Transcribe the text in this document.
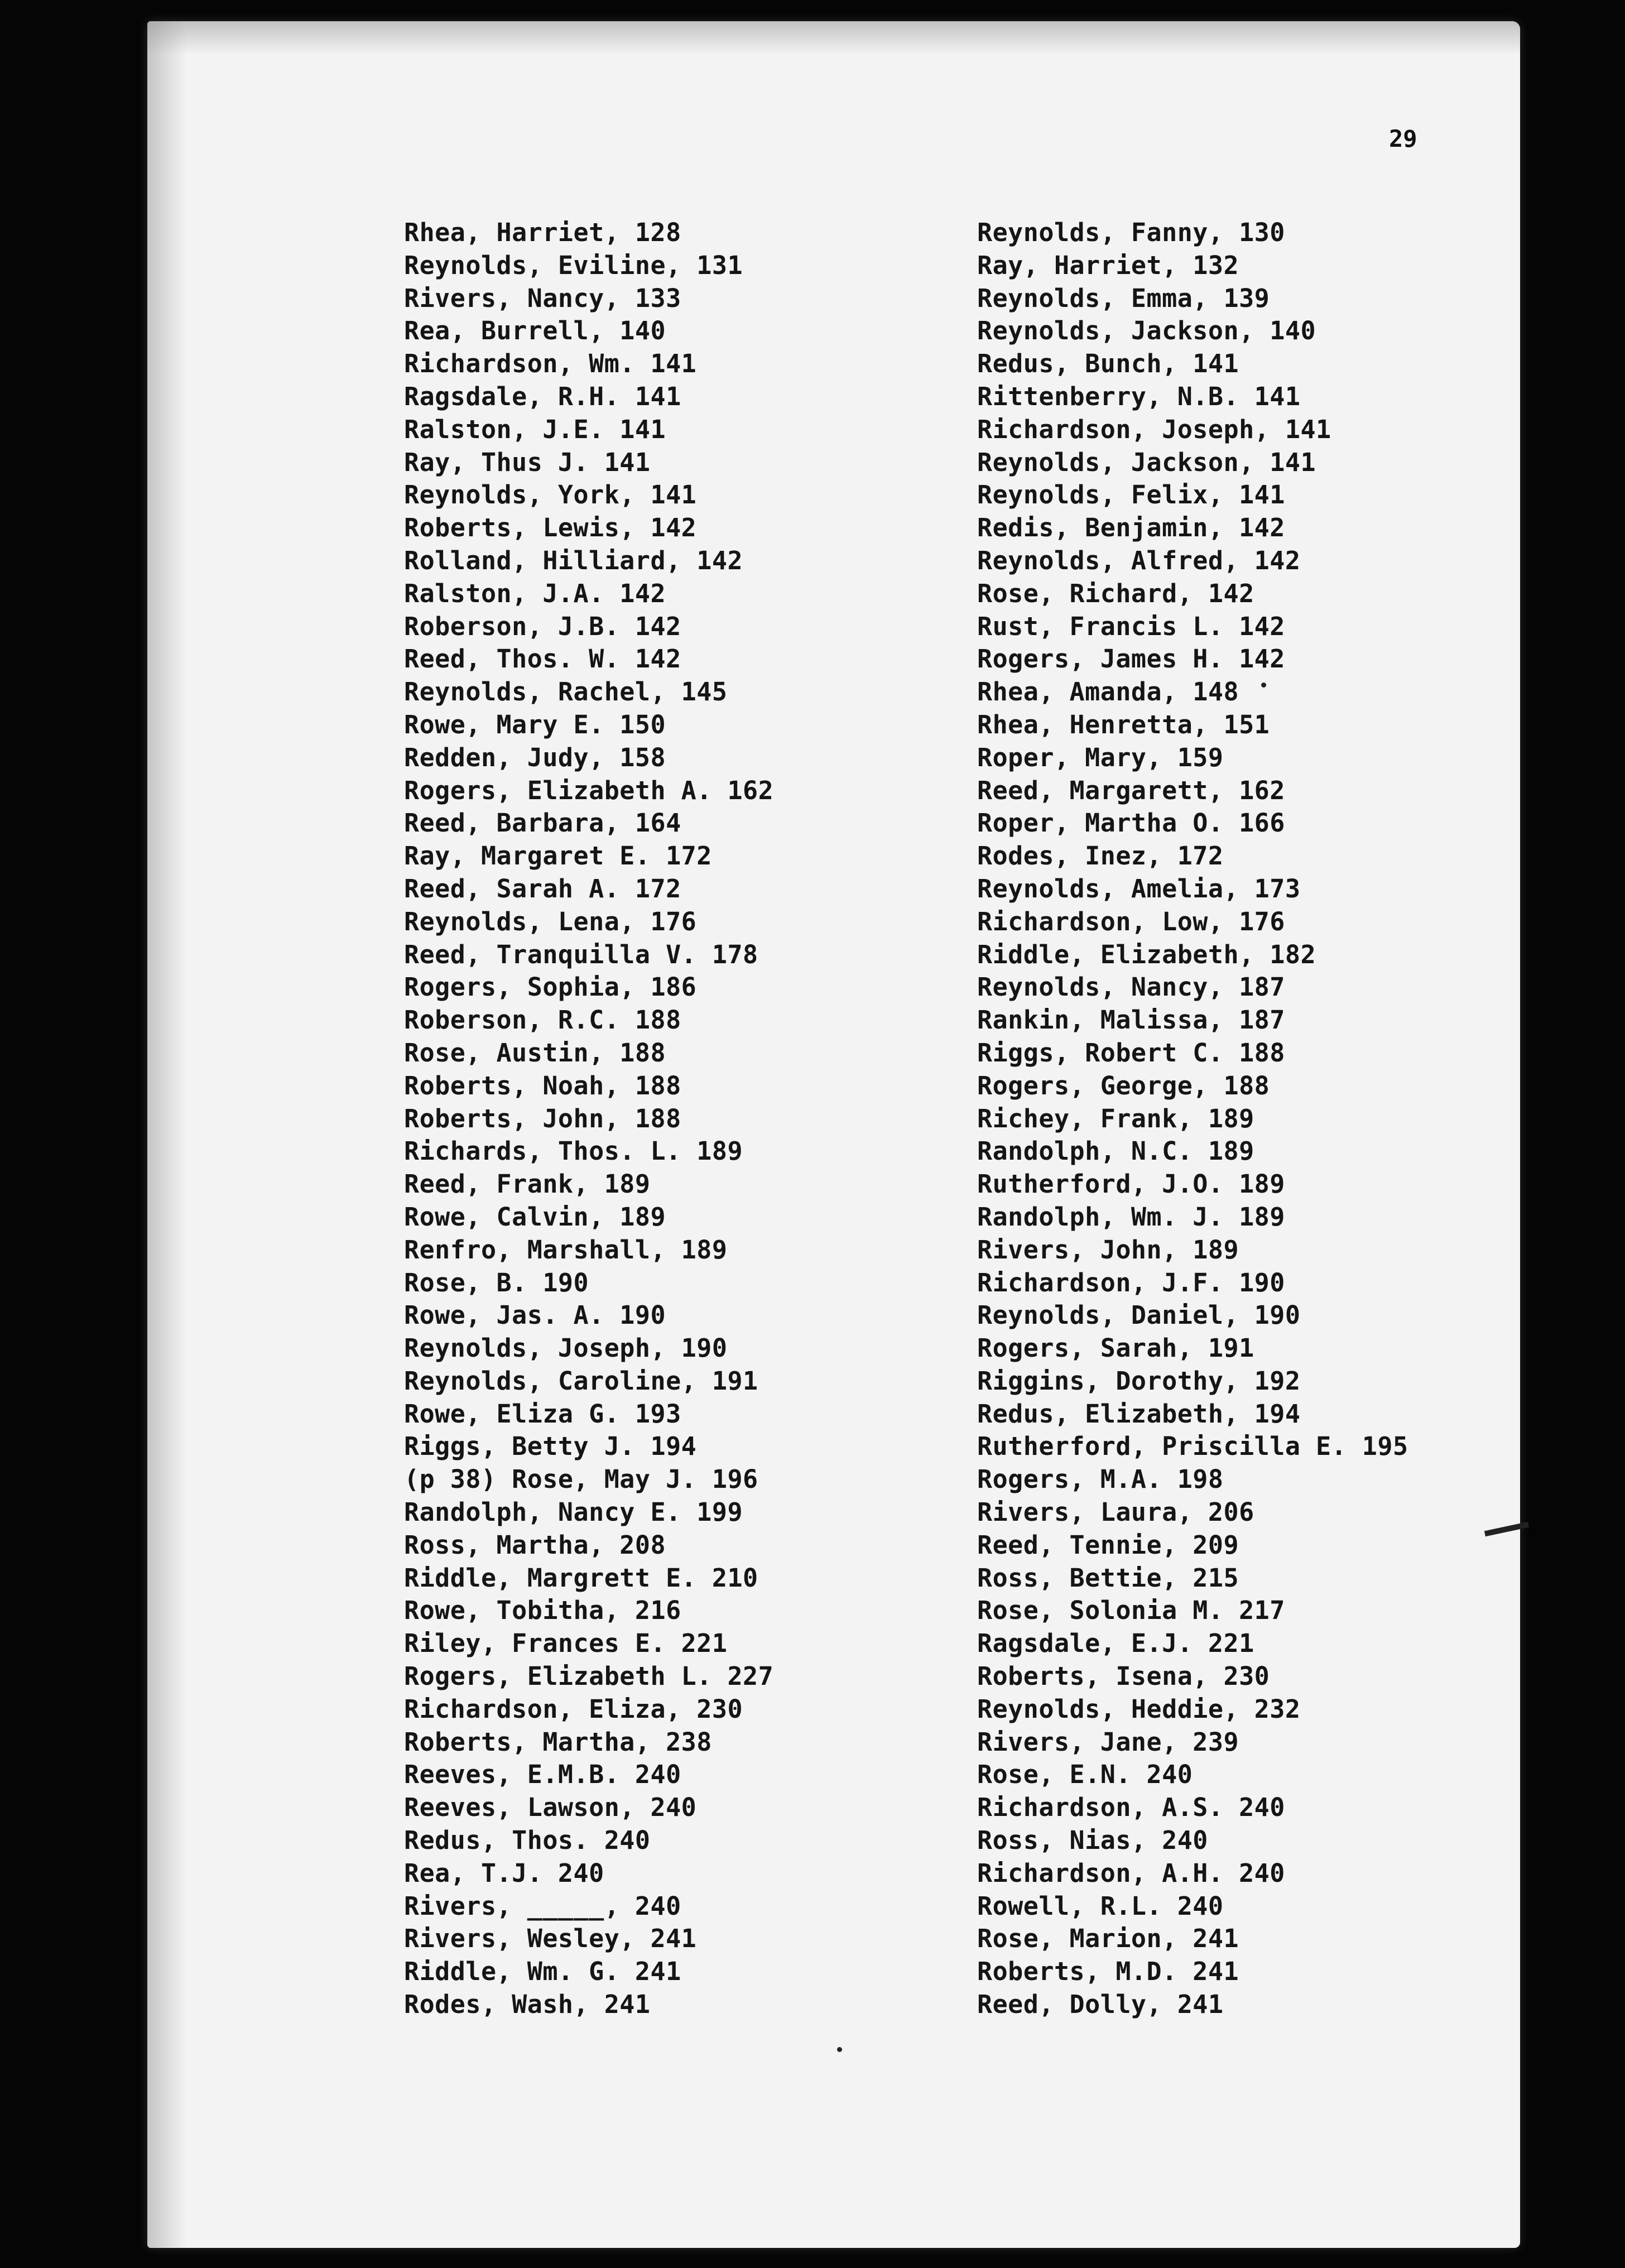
29
Rhea, Harriet, 128
Reynolds, Eviline, 131
Rivers, Nancy, 133
Rea, Burrell, 140
Richardson, Wm. 141
Ragsdale, R.H. 141
Ralston, J.E. 141
Ray, Thus J. 141
Reynolds, York, 141
Roberts, Lewis, 142
Rolland, Hilliard, 142
Ralston, J.A. 142
Roberson, J.B. 142
Reed, Thos. W. 142
Reynolds, Rachel, 145
Rowe, Mary E. 150
Redden, Judy, 158
Rogers, Elizabeth A. 162
Reed, Barbara, 164
Ray, Margaret E. 172
Reed, Sarah A. 172
Reynolds, Lena, 176
Reed, Tranquilla V. 178
Rogers, Sophia, 186
Roberson, R.C. 188
Rose, Austin, 188
Roberts, Noah, 188
Roberts, John, 188
Richards, Thos. L. 189
Reed, Frank, 189
Rowe, Calvin, 189
Renfro, Marshall, 189
Rose, B. 190
Rowe, Jas. A. 190
Reynolds, Joseph, 190
Reynolds, Caroline, 191
Rowe, Eliza G. 193
Riggs, Betty J. 194
(p 38) Rose, May J. 196
Randolph, Nancy E. 199
Ross, Martha, 208
Riddle, Margrett E. 210
Rowe, Tobitha, 216
Riley, Frances E. 221
Rogers, Elizabeth L. 227
Richardson, Eliza, 230
Roberts, Martha, 238
Reeves, E.M.B. 240
Reeves, Lawson, 240
Redus, Thos. 240
Rea, T.J. 240
Rivers, _____, 240
Rivers, Wesley, 241
Riddle, Wm. G. 241
Rodes, Wash, 241
Reynolds, Fanny, 130
Ray, Harriet, 132
Reynolds, Emma, 139
Reynolds, Jackson, 140
Redus, Bunch, 141
Rittenberry, N.B. 141
Richardson, Joseph, 141
Reynolds, Jackson, 141
Reynolds, Felix, 141
Redis, Benjamin, 142
Reynolds, Alfred, 142
Rose, Richard, 142
Rust, Francis L. 142
Rogers, James H. 142
Rhea, Amanda, 148
Rhea, Henretta, 151
Roper, Mary, 159
Reed, Margarett, 162
Roper, Martha O. 166
Rodes, Inez, 172
Reynolds, Amelia, 173
Richardson, Low, 176
Riddle, Elizabeth, 182
Reynolds, Nancy, 187
Rankin, Malissa, 187
Riggs, Robert C. 188
Rogers, George, 188
Richey, Frank, 189
Randolph, N.C. 189
Rutherford, J.O. 189
Randolph, Wm. J. 189
Rivers, John, 189
Richardson, J.F. 190
Reynolds, Daniel, 190
Rogers, Sarah, 191
Riggins, Dorothy, 192
Redus, Elizabeth, 194
Rutherford, Priscilla E. 195
Rogers, M.A. 198
Rivers, Laura, 206
Reed, Tennie, 209
Ross, Bettie, 215
Rose, Solonia M. 217
Ragsdale, E.J. 221
Roberts, Isena, 230
Reynolds, Heddie, 232
Rivers, Jane, 239
Rose, E.N. 240
Richardson, A.S. 240
Ross, Nias, 240
Richardson, A.H. 240
Rowell, R.L. 240
Rose, Marion, 241
Roberts, M.D. 241
Reed, Dolly, 241
